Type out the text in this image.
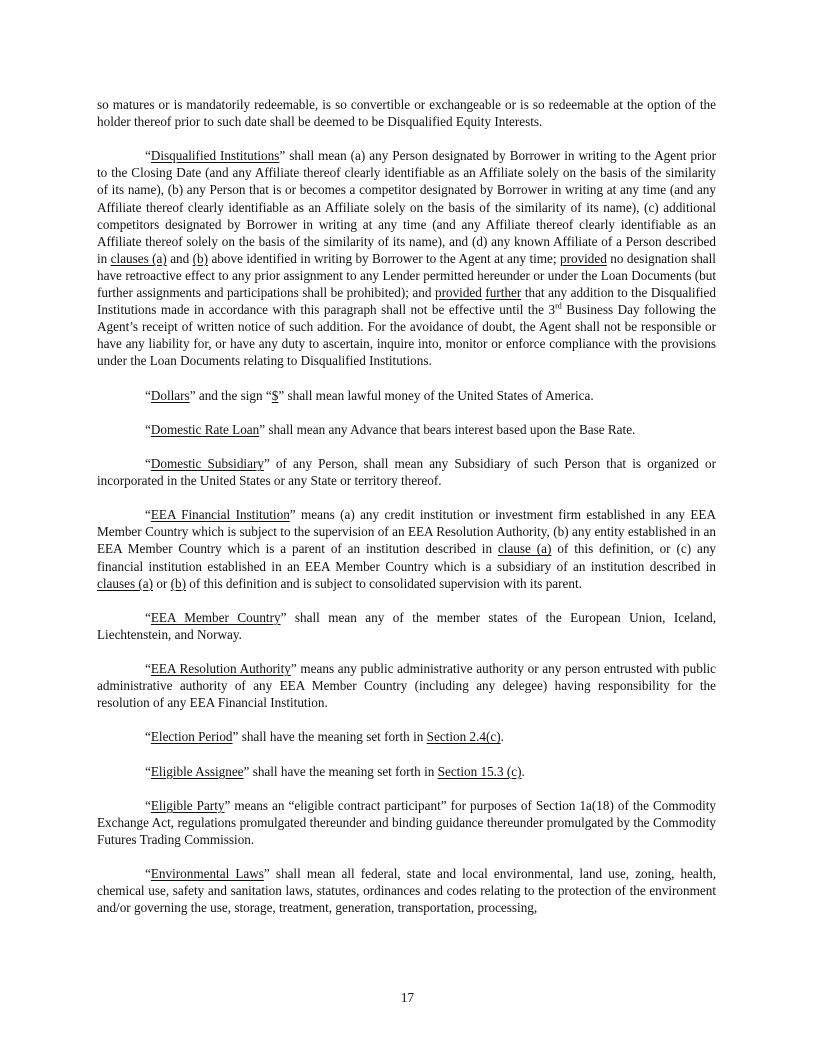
so matures or is mandatorily redeemable, is so convertible or exchangeable or is so redeemable at the option of the holder thereof prior to such date shall be deemed to be Disqualified Equity Interests.

“Disqualified Institutions” shall mean (a) any Person designated by Borrower in writing to the Agent prior to the Closing Date (and any Affiliate thereof clearly identifiable as an Affiliate solely on the basis of the similarity of its name), (b) any Person that is or becomes a competitor designated by Borrower in writing at any time (and any Affiliate thereof clearly identifiable as an Affiliate solely on the basis of the similarity of its name), (c) additional competitors designated by Borrower in writing at any time (and any Affiliate thereof clearly identifiable as an Affiliate thereof solely on the basis of the similarity of its name), and (d) any known Affiliate of a Person described in clauses (a) and (b) above identified in writing by Borrower to the Agent at any time; provided no designation shall have retroactive effect to any prior assignment to any Lender permitted hereunder or under the Loan Documents (but further assignments and participations shall be prohibited); and provided further that any addition to the Disqualified Institutions made in accordance with this paragraph shall not be effective until the 3rd Business Day following the Agent’s receipt of written notice of such addition. For the avoidance of doubt, the Agent shall not be responsible or have any liability for, or have any duty to ascertain, inquire into, monitor or enforce compliance with the provisions under the Loan Documents relating to Disqualified Institutions.

“Dollars” and the sign “$” shall mean lawful money of the United States of America.

“Domestic Rate Loan” shall mean any Advance that bears interest based upon the Base Rate.

“Domestic Subsidiary” of any Person, shall mean any Subsidiary of such Person that is organized or incorporated in the United States or any State or territory thereof.

“EEA Financial Institution” means (a) any credit institution or investment firm established in any EEA Member Country which is subject to the supervision of an EEA Resolution Authority, (b) any entity established in an EEA Member Country which is a parent of an institution described in clause (a) of this definition, or (c) any financial institution established in an EEA Member Country which is a subsidiary of an institution described in clauses (a) or (b) of this definition and is subject to consolidated supervision with its parent.

“EEA Member Country” shall mean any of the member states of the European Union, Iceland, Liechtenstein, and Norway.

“EEA Resolution Authority” means any public administrative authority or any person entrusted with public administrative authority of any EEA Member Country (including any delegee) having responsibility for the resolution of any EEA Financial Institution.

“Election Period” shall have the meaning set forth in Section 2.4(c).

“Eligible Assignee” shall have the meaning set forth in Section 15.3 (c).

“Eligible Party” means an “eligible contract participant” for purposes of Section 1a(18) of the Commodity Exchange Act, regulations promulgated thereunder and binding guidance thereunder promulgated by the Commodity Futures Trading Commission.

“Environmental Laws” shall mean all federal, state and local environmental, land use, zoning, health, chemical use, safety and sanitation laws, statutes, ordinances and codes relating to the protection of the environment and/or governing the use, storage, treatment, generation, transportation, processing,

17
